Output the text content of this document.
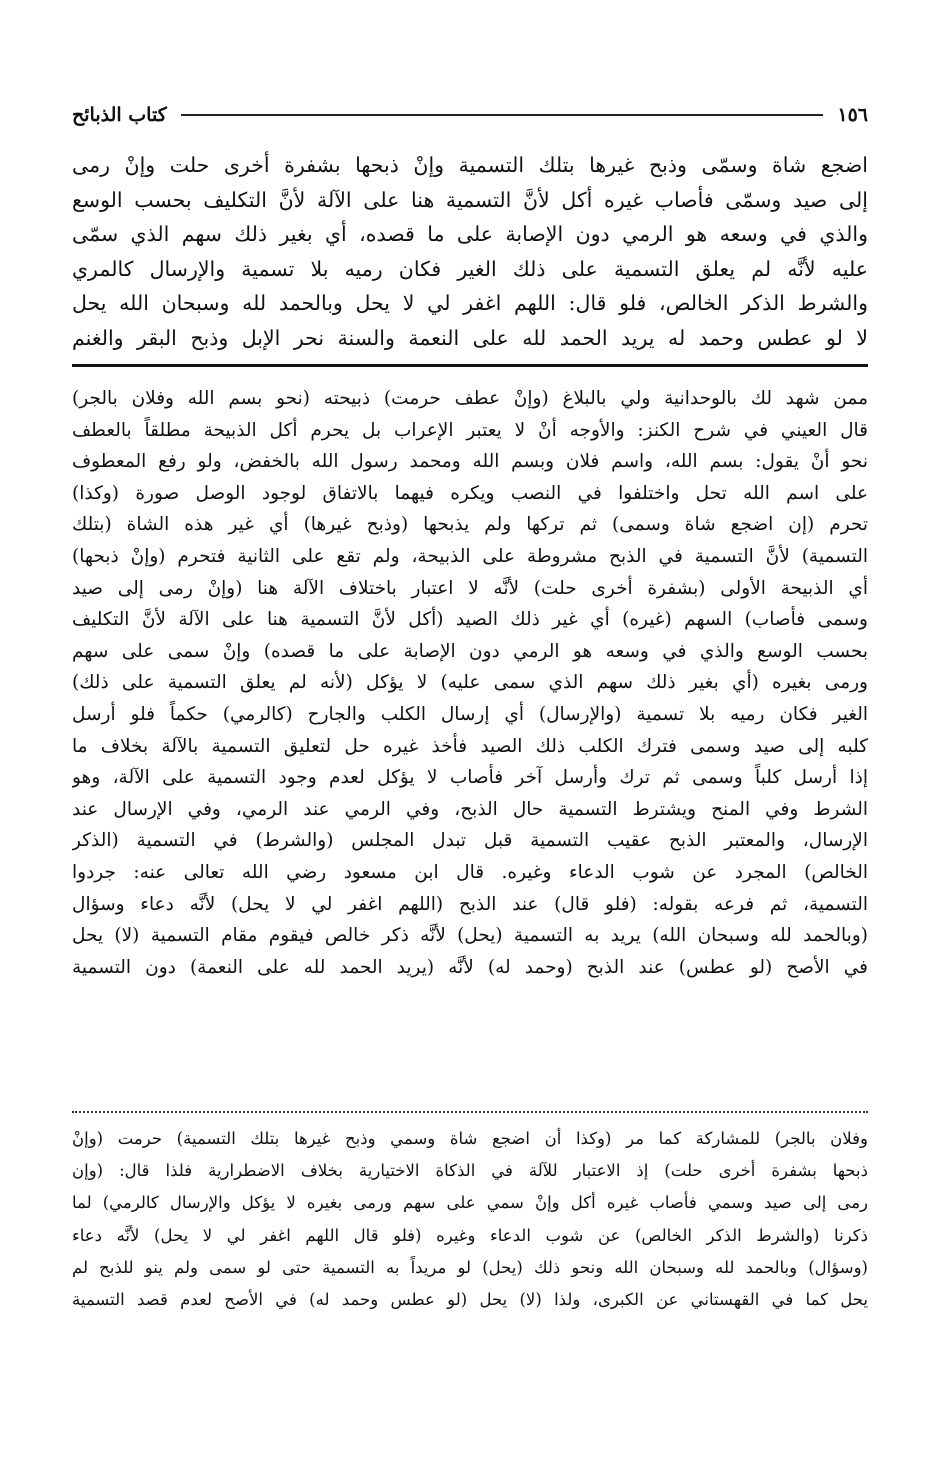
كتاب الذبائح	١٥٦
اضجع شاة وسمّى وذبح غيرها بتلك التسمية وإنْ ذبحها بشفرة أخرى حلت وإنْ رمى
إلى صيد وسمّى فأصاب غيره أكل لأنَّ التسمية هنا على الآلة لأنَّ التكليف بحسب الوسع
والذي في وسعه هو الرمي دون الإصابة على ما قصده، أي بغير ذلك سهم الذي سمّى
عليه لأنَّه لم يعلق التسمية على ذلك الغير فكان رميه بلا تسمية والإرسال كالمري
والشرط الذكر الخالص، فلو قال: اللهم اغفر لي لا يحل وبالحمد لله وسبحان الله يحل
لا لو عطس وحمد له يريد الحمد لله على النعمة والسنة نحر الإبل وذبح البقر والغنم
ممن شهد لك بالوحدانية ولي بالبلاغ (وإنْ عطف حرمت) ذبيحته (نحو بسم الله وفلان بالجر)
قال العيني في شرح الكنز: والأوجه أنْ لا يعتبر الإعراب بل يحرم أكل الذبيحة مطلقاً بالعطف
نحو أنْ يقول: بسم الله، واسم فلان وبسم الله ومحمد رسول الله بالخفض، ولو رفع المعطوف
على اسم الله تحل واختلفوا في النصب ويكره فيهما بالاتفاق لوجود الوصل صورة (وكذا)
تحرم (إن اضجع شاة وسمى) ثم تركها ولم يذبحها (وذبح غيرها) أي غير هذه الشاة (بتلك
التسمية) لأنَّ التسمية في الذبح مشروطة على الذبيحة، ولم تقع على الثانية فتحرم (وإنْ ذبحها)
أي الذبيحة الأولى (بشفرة أخرى حلت) لأنَّه لا اعتبار باختلاف الآلة هنا (وإنْ رمى إلى صيد
وسمى فأصاب) السهم (غيره) أي غير ذلك الصيد (أكل لأنَّ التسمية هنا على الآلة لأنَّ التكليف
بحسب الوسع والذي في وسعه هو الرمي دون الإصابة على ما قصده) وإنْ سمى على سهم
ورمى بغيره (أي بغير ذلك سهم الذي سمى عليه) لا يؤكل (لأنه لم يعلق التسمية على ذلك)
الغير فكان رميه بلا تسمية (والإرسال) أي إرسال الكلب والجارح (كالرمي) حكماً فلو أرسل
كلبه إلى صيد وسمى فترك الكلب ذلك الصيد فأخذ غيره حل لتعليق التسمية بالآلة بخلاف ما
إذا أرسل كلباً وسمى ثم ترك وأرسل آخر فأصاب لا يؤكل لعدم وجود التسمية على الآلة، وهو
الشرط وفي المنح ويشترط التسمية حال الذبح، وفي الرمي عند الرمي، وفي الإرسال عند
الإرسال، والمعتبر الذبح عقيب التسمية قبل تبدل المجلس (والشرط) في التسمية (الذكر
الخالص) المجرد عن شوب الدعاء وغيره. قال ابن مسعود رضي الله تعالى عنه: جردوا
التسمية، ثم فرعه بقوله: (فلو قال) عند الذبح (اللهم اغفر لي لا يحل) لأنَّه دعاء وسؤال
(وبالحمد لله وسبحان الله) يريد به التسمية (يحل) لأنَّه ذكر خالص فيقوم مقام التسمية (لا) يحل
في الأصح (لو عطس) عند الذبح (وحمد له) لأنَّه (يريد الحمد لله على النعمة) دون التسمية
وفلان بالجر) للمشاركة كما مر (وكذا أن اضجع شاة وسمي وذبح غيرها بتلك التسمية) حرمت (وإنْ
ذبحها بشفرة أخرى حلت) إذ الاعتبار للآلة في الذكاة الاختيارية بخلاف الاضطرارية فلذا قال: (وإن
رمى إلى صيد وسمي فأصاب غيره أكل وإنْ سمي على سهم ورمى بغيره لا يؤكل والإرسال كالرمي) لما
ذكرنا (والشرط الذكر الخالص) عن شوب الدعاء وغيره (فلو قال اللهم اغفر لي لا يحل) لأنَّه دعاء
(وسؤال) وبالحمد لله وسبحان الله ونحو ذلك (يحل) لو مريداً به التسمية حتى لو سمى ولم ينو للذبح لم
يحل كما في القهستاني عن الكبرى، ولذا (لا) يحل (لو عطس وحمد له) في الأصح لعدم قصد التسمية
